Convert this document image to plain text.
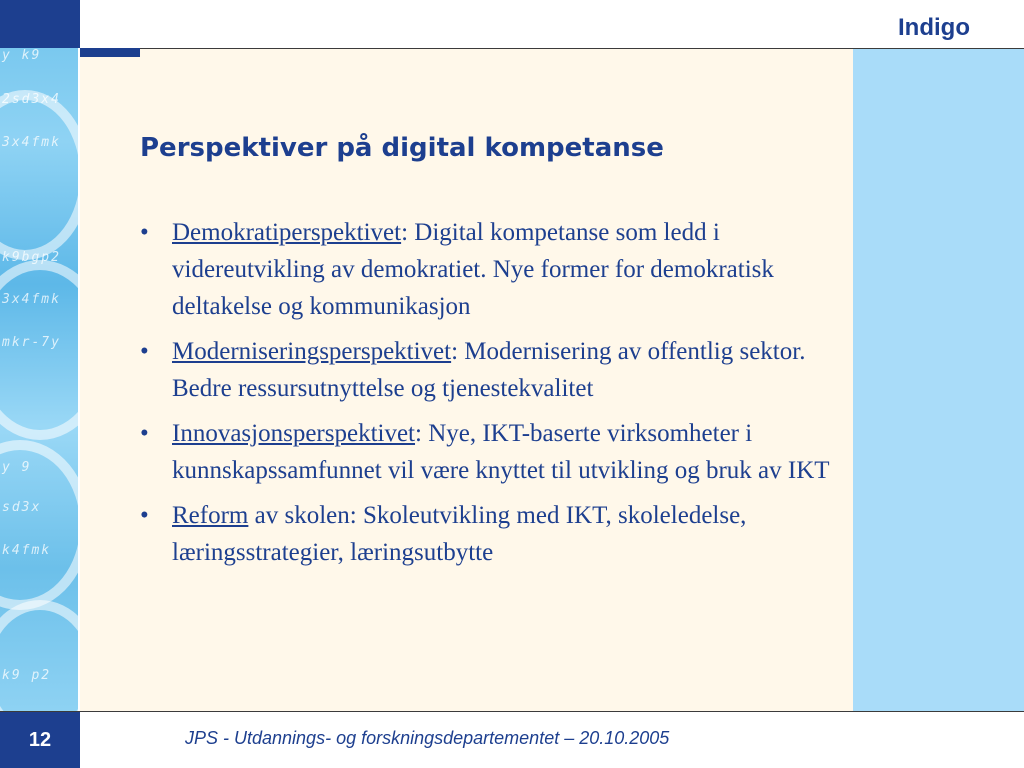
y k9
2sd3x4
3x4fmk
k9bgp2
3x4fmk
mkr-7y
y 9
sd3x
k4fmk
k9 p2
Indigo
Perspektiver på digital kompetanse
• Demokratiperspektivet: Digital kompetanse som ledd i videreutvikling av demokratiet. Nye former for demokratisk deltakelse og kommunikasjon
• Moderniseringsperspektivet: Modernisering av offentlig sektor. Bedre ressursutnyttelse og tjenestekvalitet
• Innovasjonsperspektivet: Nye, IKT-baserte virksomheter i kunnskapssamfunnet vil være knyttet til utvikling og bruk av IKT
• Reform av skolen: Skoleutvikling med IKT, skoleledelse, læringsstrategier, læringsutbytte
12	JPS - Utdannings- og forskningsdepartementet – 20.10.2005
